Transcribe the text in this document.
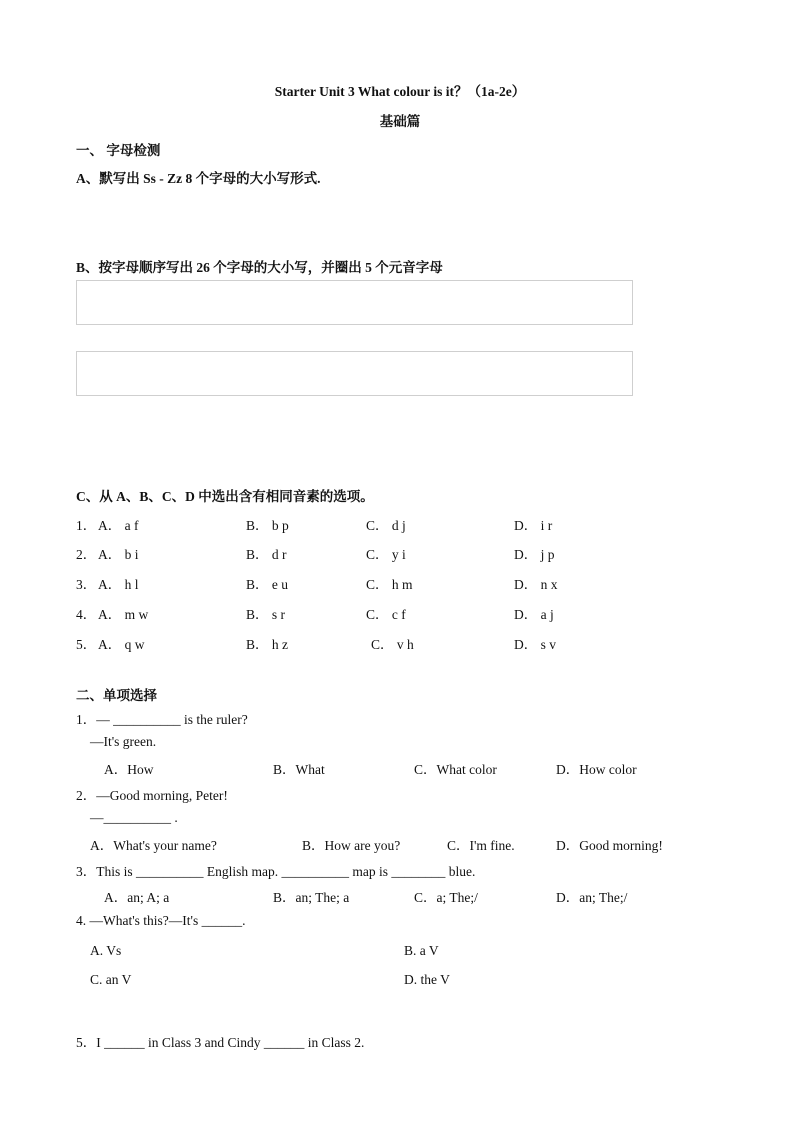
Starter Unit 3 What colour is it？（1a-2e）
基础篇
一、 字母检测
A、默写出 Ss - Zz 8 个字母的大小写形式.
B、按字母顺序写出 26 个字母的大小写，并圈出 5 个元音字母
C、从 A、B、C、D 中选出含有相同音素的选项。
1． A． a f	B． b p	C． d j	D． i r
2． A． b i	B． d r	C． y i	D． j p
3． A． h l	B． e u	C． h m	D． n x
4． A． m w	B． s r	C． c f	D． a j
5． A． q w	B． h z	C． v h	D． s v
二、单项选择
1．— __________ is the ruler?
—It's green.
A．How	B．What	C．What color	D．How color
2．—Good morning, Peter!
—__________ .
A．What's your name?	B．How are you?	C．I'm fine.	D．Good morning!
3．This is __________ English map. __________ map is ________ blue.
A．an; A; a	B．an; The; a	C．a; The;/	D．an; The;/
4. —What's this?—It's ______.
A. Vs	B. a V
C. an V	D. the V
5．I ______ in Class 3 and Cindy ______ in Class 2.
